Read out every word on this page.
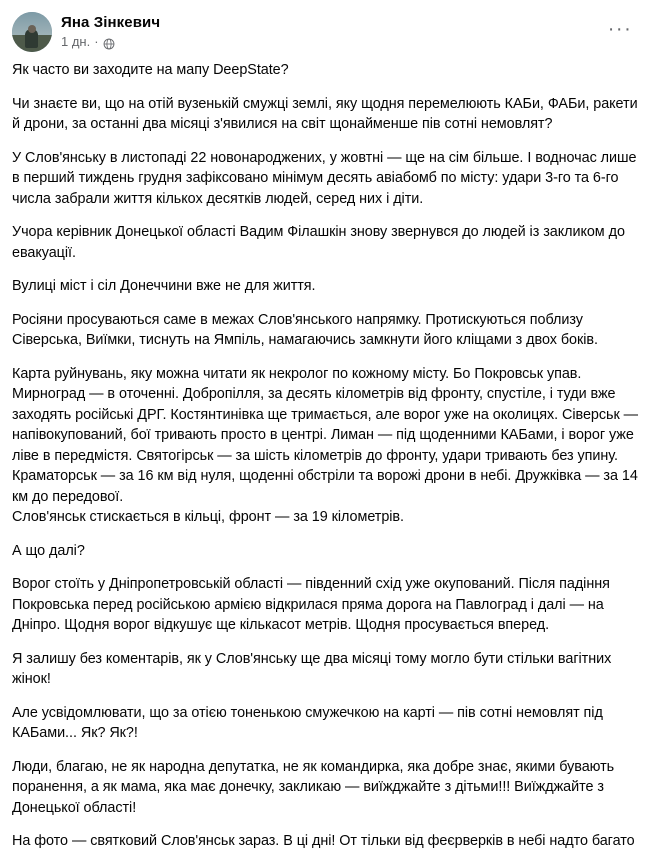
Яна Зінкевич
1 дн. ·
···

Як часто ви заходите на мапу DeepState?

Чи знаєте ви, що на отій вузенькій смужці землі, яку щодня перемелюють КАБи, ФАБи, ракети й дрони, за останні два місяці з'явилися на світ щонайменше пів сотні немовлят?

У Слов'янську в листопаді 22 новонароджених, у жовтні — ще на сім більше. І водночас лише в перший тиждень грудня зафіксовано мінімум десять авіабомб по місту: удари 3-го та 6-го числа забрали життя кількох десятків людей, серед них і діти.

Учора керівник Донецької області Вадим Філашкін знову звернувся до людей із закликом до евакуації.

Вулиці міст і сіл Донеччини вже не для життя.

Росіяни просуваються саме в межах Слов'янського напрямку. Протискуються поблизу Сіверська, Виїмки, тиснуть на Ямпіль, намагаючись замкнути його кліщами з двох боків.

Карта руйнувань, яку можна читати як некролог по кожному місту. Бо Покровськ упав. Мирноград — в оточенні. Добропілля, за десять кілометрів від фронту, спустіле, і туди вже заходять російські ДРГ. Костянтинівка ще тримається, але ворог уже на околицях. Сіверськ — напівокупований, бої тривають просто в центрі. Лиман — під щоденними КАБами, і ворог уже ліве в передмістя. Святогірськ — за шість кілометрів до фронту, удари тривають без упину. Краматорськ — за 16 км від нуля, щоденні обстріли та ворожі дрони в небі. Дружківка — за 14 км до передової.

Слов'янськ стискається в кільці, фронт — за 19 кілометрів.

А що далі?

Ворог стоїть у Дніпропетровській області — південний схід уже окупований. Після падіння Покровська перед російською армією відкрилася пряма дорога на Павлоград і далі — на Дніпро. Щодня ворог відкушує ще кількасот метрів. Щодня просувається вперед.

Я залишу без коментарів, як у Слов'янську ще два місяці тому могло бути стільки вагітних жінок!

Але усвідомлювати, що за отією тоненькою смужечкою на карті — пів сотні немовлят під КАБами... Як? Як?!

Люди, благаю, не як народна депутатка, не як командирка, яка добре знає, якими бувають поранення, а як мама, яка має донечку, закликаю — виїжджайте з дітьми!!! Виїжджайте з Донецької області!

На фото — святковий Слов'янськ зараз. В ці дні! От тільки від феєрверків в небі надто багато
